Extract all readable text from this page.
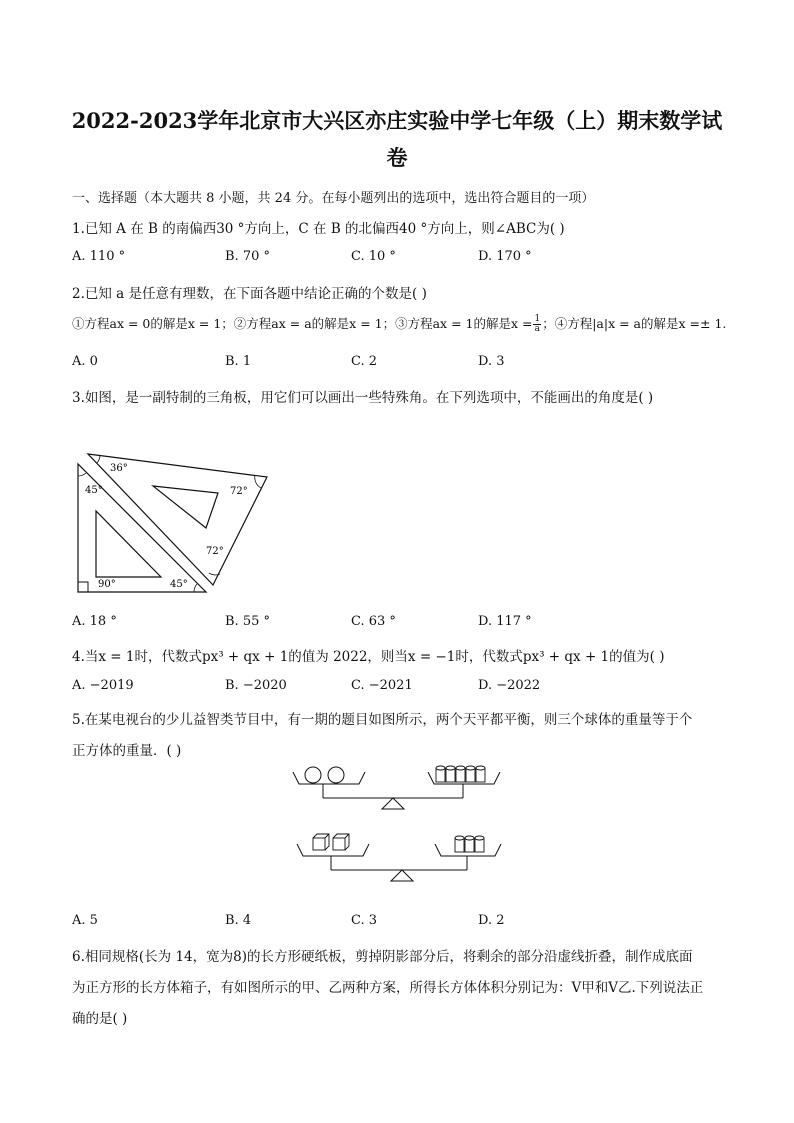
2022-2023学年北京市大兴区亦庄实验中学七年级（上）期末数学试
卷
一、选择题（本大题共 8 小题，共 24 分。在每小题列出的选项中，选出符合题目的一项）
1.已知 A 在 B 的南偏西30 °方向上，C 在 B 的北偏西40 °方向上，则∠ABC为( )
A. 110 °	B. 70 °	C. 10 °	D. 170 °
2.已知 a 是任意有理数，在下面各题中结论正确的个数是( )
①方程ax = 0的解是x = 1；②方程ax = a的解是x = 1；③方程ax = 1的解是$x = \frac{1}{a}$ ；④方程|a|x = a的解是x =± 1.
A. 0	B. 1	C. 2	D. 3
3.如图，是一副特制的三角板，用它们可以画出一些特殊角。在下列选项中，不能画出的角度是( )
36°
45°	72°
72°
90°	45°
A. 18 °	B. 55 °	C. 63 °	D. 117 °
4.当x = 1时，代数式px³ + qx + 1的值为 2022，则当x = −1时，代数式px³ + qx + 1的值为( )
A. −2019	B. −2020	C. −2021	D. −2022
5.在某电视台的少儿益智类节目中，有一期的题目如图所示，两个天平都平衡，则三个球体的重量等于个
正方体的重量．( )
A. 5	B. 4	C. 3	D. 2
6.相同规格(长为 14，宽为8)的长方形硬纸板，剪掉阴影部分后，将剩余的部分沿虚线折叠，制作成底面
为正方形的长方体箱子，有如图所示的甲、乙两种方案，所得长方体体积分别记为：V甲和V乙.下列说法正
确的是( )
